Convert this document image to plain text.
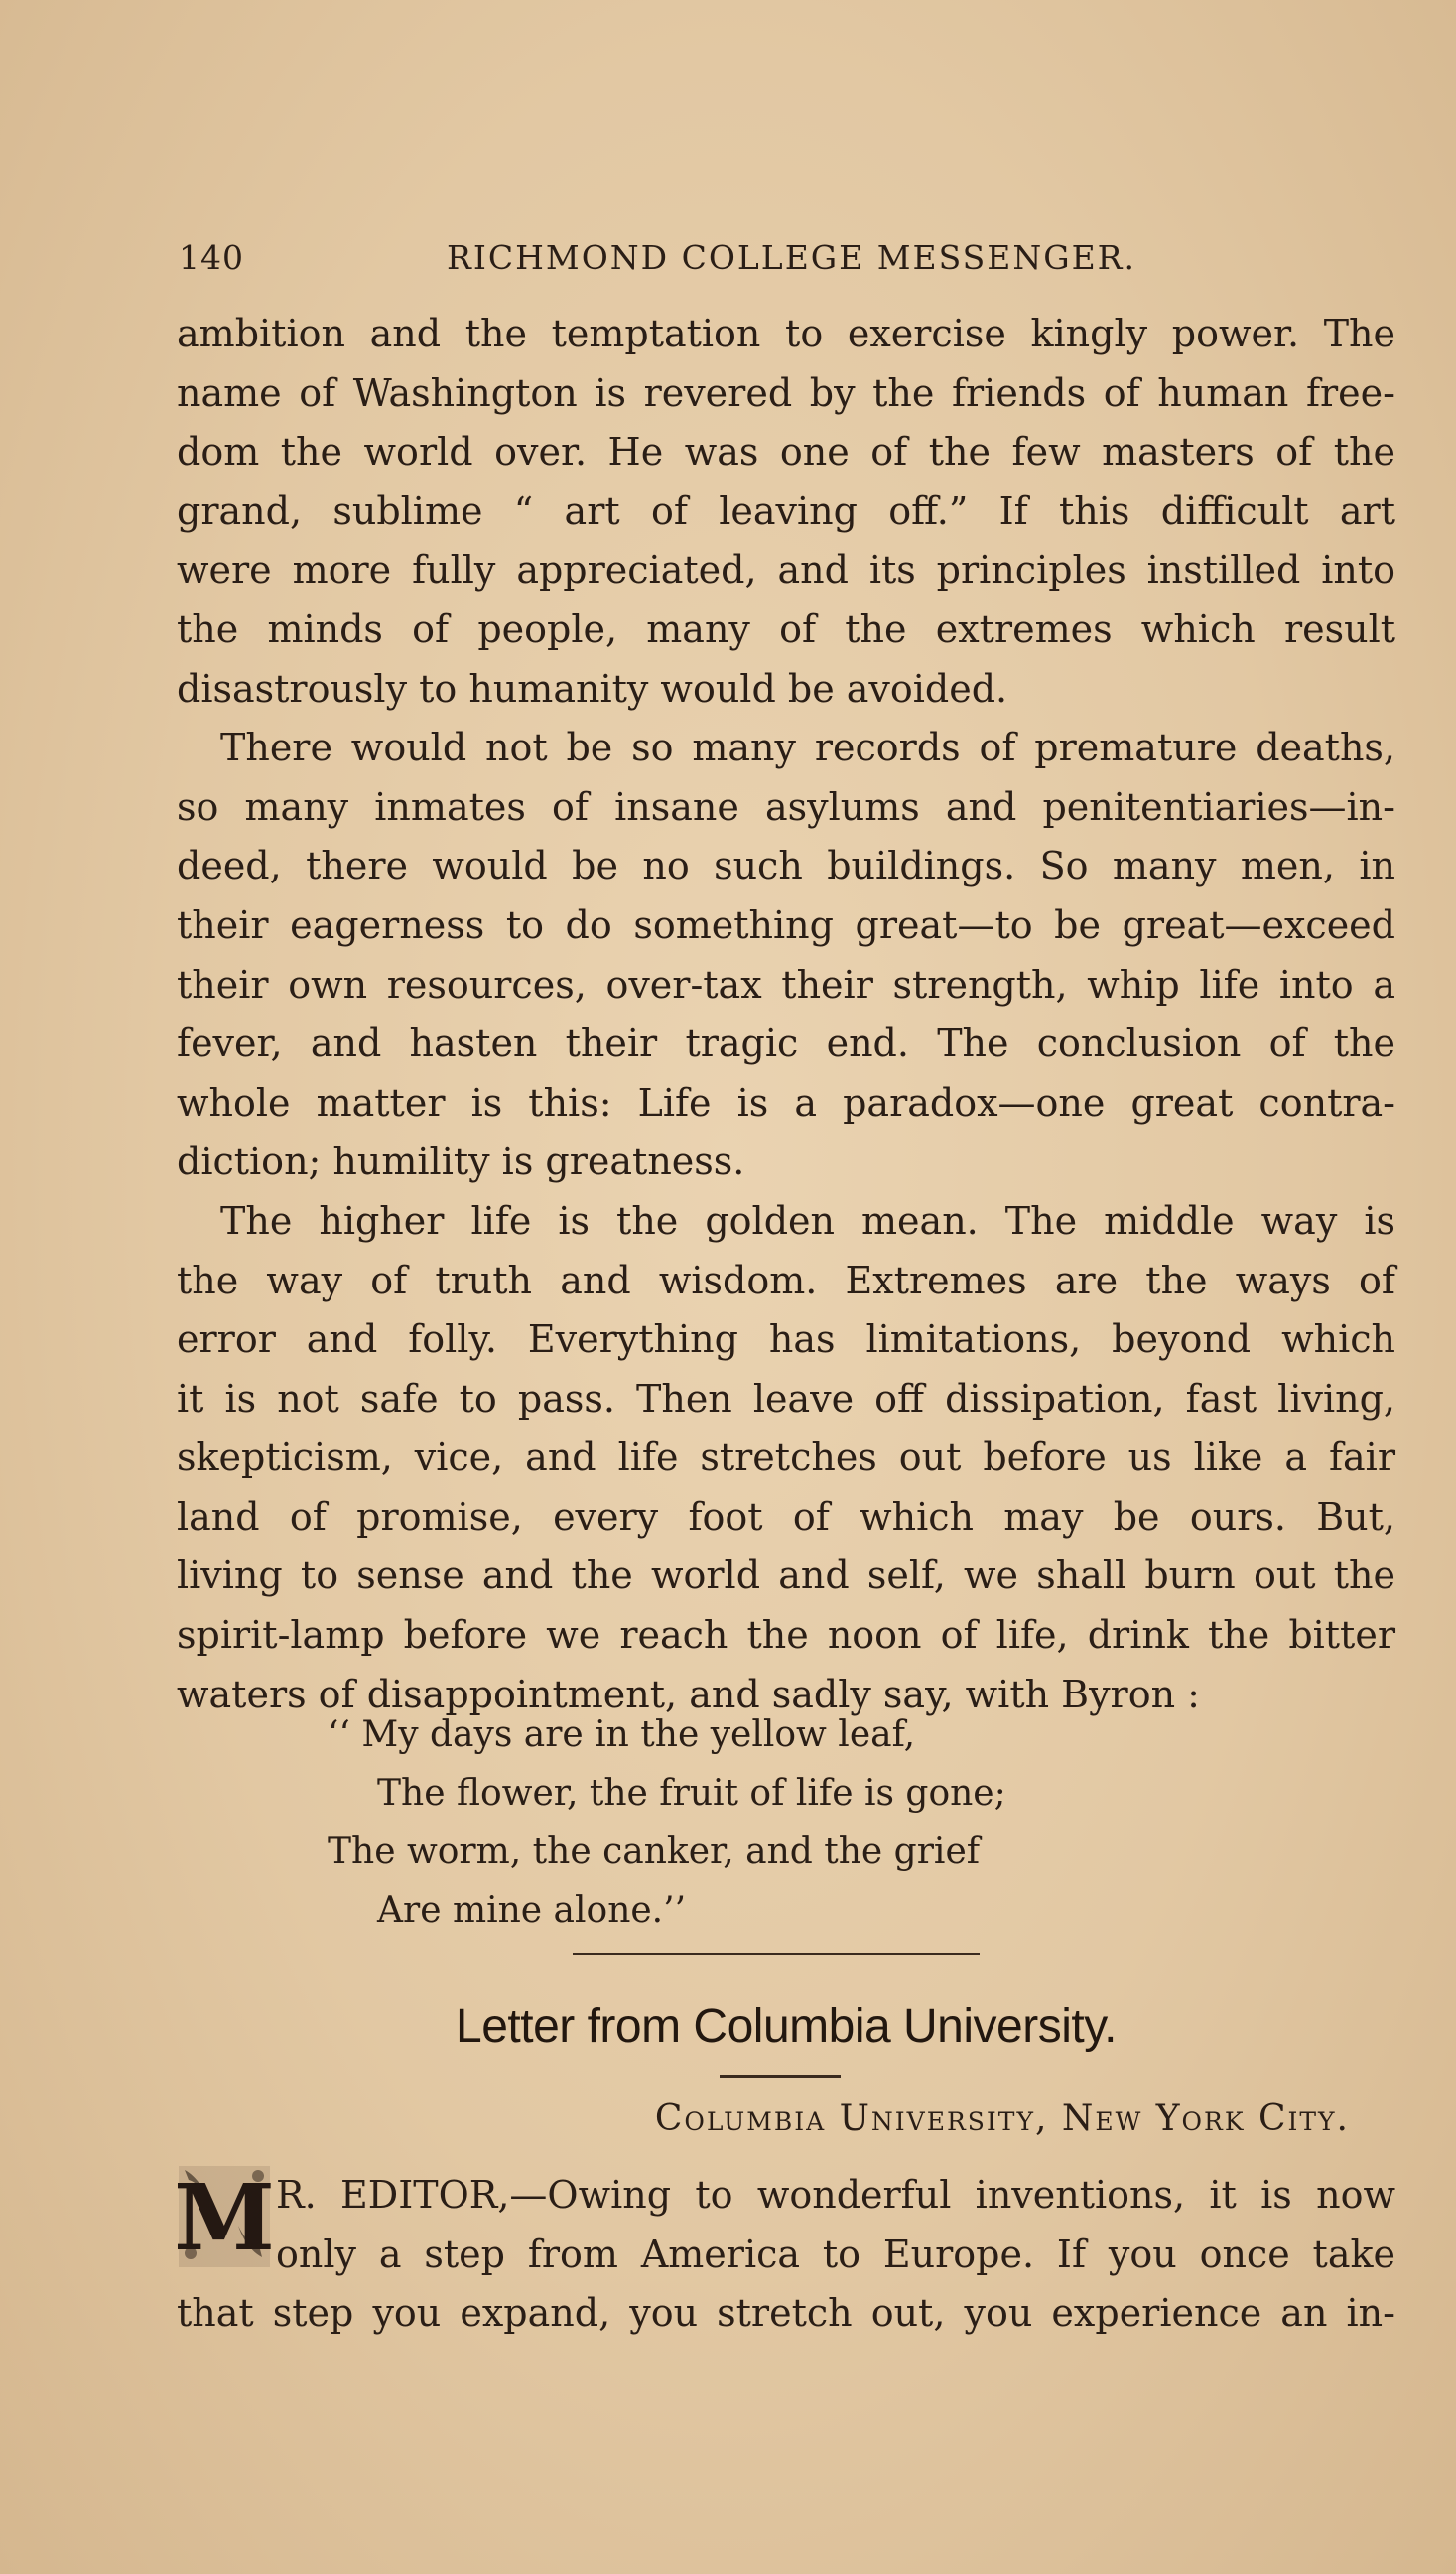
140	RICHMOND COLLEGE MESSENGER.
ambition and the temptation to exercise kingly power. The
name of Washington is revered by the friends of human free-
dom the world over. He was one of the few masters of the
grand, sublime “ art of leaving off.” If this difficult art
were more fully appreciated, and its principles instilled into
the minds of people, many of the extremes which result
disastrously to humanity would be avoided.
There would not be so many records of premature deaths,
so many inmates of insane asylums and penitentiaries—in-
deed, there would be no such buildings. So many men, in
their eagerness to do something great—to be great—exceed
their own resources, over-tax their strength, whip life into a
fever, and hasten their tragic end. The conclusion of the
whole matter is this: Life is a paradox—one great contra-
diction; humility is greatness.
The higher life is the golden mean. The middle way is
the way of truth and wisdom. Extremes are the ways of
error and folly. Everything has limitations, beyond which
it is not safe to pass. Then leave off dissipation, fast living,
skepticism, vice, and life stretches out before us like a fair
land of promise, every foot of which may be ours. But,
living to sense and the world and self, we shall burn out the
spirit-lamp before we reach the noon of life, drink the bitter
waters of disappointment, and sadly say, with Byron :
‘‘ My days are in the yellow leaf,
The flower, the fruit of life is gone;
The worm, the canker, and the grief
Are mine alone.’’
Letter from Columbia University.
Columbia University, New York City.
M R. EDITOR,—Owing to wonderful inventions, it is now
only a step from America to Europe. If you once take
that step you expand, you stretch out, you experience an in-
